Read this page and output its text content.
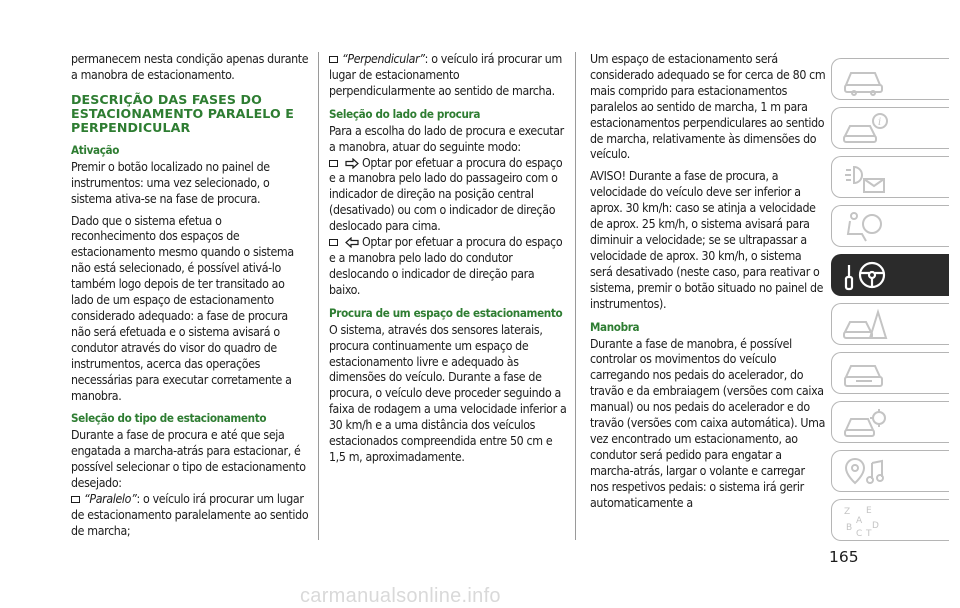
permanecem nesta condição apenas durante a manobra de estacionamento.

DESCRIÇÃO DAS FASES DO ESTACIONAMENTO PARALELO E PERPENDICULAR
Ativação

Premir o botão localizado no painel de instrumentos: uma vez selecionado, o sistema ativa-se na fase de procura.

Dado que o sistema efetua o reconhecimento dos espaços de estacionamento mesmo quando o sistema não está selecionado, é possível ativá-lo também logo depois de ter transitado ao lado de um espaço de estacionamento considerado adequado: a fase de procura não será efetuada e o sistema avisará o condutor através do visor do quadro de instrumentos, acerca das operações necessárias para executar corretamente a manobra.

Seleção do tipo de estacionamento

Durante a fase de procura e até que seja engatada a marcha-atrás para estacionar, é possível selecionar o tipo de estacionamento desejado:

“Paralelo”: o veículo irá procurar um lugar de estacionamento paralelamente ao sentido de marcha;

“Perpendicular”: o veículo irá procurar um lugar de estacionamento perpendicularmente ao sentido de marcha.

Seleção do lado de procura

Para a escolha do lado de procura e executar a manobra, atuar do seguinte modo:

Optar por efetuar a procura do espaço e a manobra pelo lado do passageiro com o indicador de direção na posição central (desativado) ou com o indicador de direção deslocado para cima.

Optar por efetuar a procura do espaço e a manobra pelo lado do condutor deslocando o indicador de direção para baixo.

Procura de um espaço de estacionamento

O sistema, através dos sensores laterais, procura continuamente um espaço de estacionamento livre e adequado às dimensões do veículo. Durante a fase de procura, o veículo deve proceder seguindo a faixa de rodagem a uma velocidade inferior a 30 km/h e a uma distância dos veículos estacionados compreendida entre 50 cm e 1,5 m, aproximadamente.

Um espaço de estacionamento será considerado adequado se for cerca de 80 cm mais comprido para estacionamentos paralelos ao sentido de marcha, 1 m para estacionamentos perpendiculares ao sentido de marcha, relativamente às dimensões do veículo.

AVISO! Durante a fase de procura, a velocidade do veículo deve ser inferior a aprox. 30 km/h: caso se atinja a velocidade de aprox. 25 km/h, o sistema avisará para diminuir a velocidade; se se ultrapassar a velocidade de aprox. 30 km/h, o sistema será desativado (neste caso, para reativar o sistema, premir o botão situado no painel de instrumentos).

Manobra

Durante a fase de manobra, é possível controlar os movimentos do veículo carregando nos pedais do acelerador, do travão e da embraiagem (versões com caixa manual) ou nos pedais do acelerador e do travão (versões com caixa automática). Uma vez encontrado um estacionamento, ao condutor será pedido para engatar a marcha-atrás, largar o volante e carregar nos respetivos pedais: o sistema irá gerir automaticamente a

i
Z E
A
B D
C T
165
carmanualsonline.info
